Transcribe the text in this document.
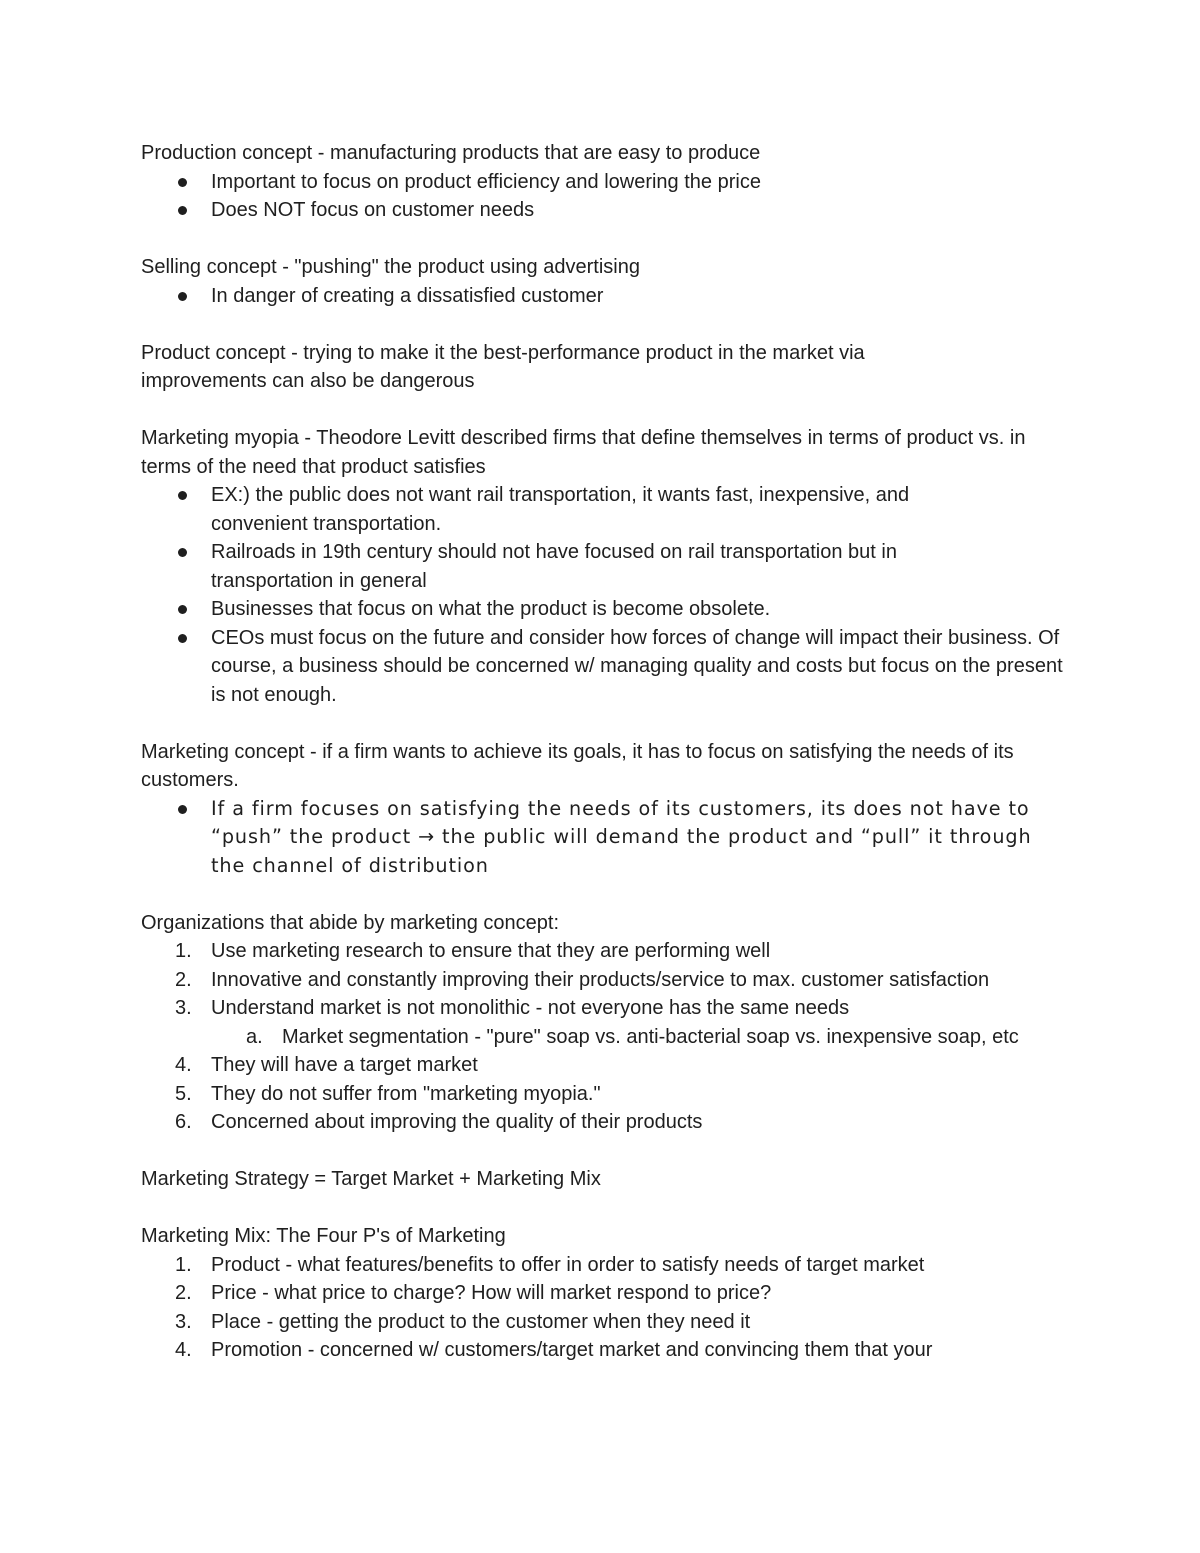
Production concept - manufacturing products that are easy to produce
Important to focus on product efficiency and lowering the price
Does NOT focus on customer needs
Selling concept - "pushing" the product using advertising
In danger of creating a dissatisfied customer
Product concept - trying to make it the best-performance product in the market via improvements can also be dangerous
Marketing myopia - Theodore Levitt described firms that define themselves in terms of product vs. in terms of the need that product satisfies
EX:) the public does not want rail transportation, it wants fast, inexpensive, and convenient transportation.
Railroads in 19th century should not have focused on rail transportation but in transportation in general
Businesses that focus on what the product is become obsolete.
CEOs must focus on the future and consider how forces of change will impact their business. Of course, a business should be concerned w/ managing quality and costs but focus on the present is not enough.
Marketing concept - if a firm wants to achieve its goals, it has to focus on satisfying the needs of its customers.
If a firm focuses on satisfying the needs of its customers, its does not have to “push” the product → the public will demand the product and “pull” it through the channel of distribution
Organizations that abide by marketing concept:
1. Use marketing research to ensure that they are performing well
2. Innovative and constantly improving their products/service to max. customer satisfaction
3. Understand market is not monolithic - not everyone has the same needs
a. Market segmentation - "pure" soap vs. anti-bacterial soap vs. inexpensive soap, etc
4. They will have a target market
5. They do not suffer from "marketing myopia."
6. Concerned about improving the quality of their products
Marketing Strategy = Target Market + Marketing Mix
Marketing Mix: The Four P's of Marketing
1. Product - what features/benefits to offer in order to satisfy needs of target market
2. Price - what price to charge? How will market respond to price?
3. Place - getting the product to the customer when they need it
4. Promotion - concerned w/ customers/target market and convincing them that your
